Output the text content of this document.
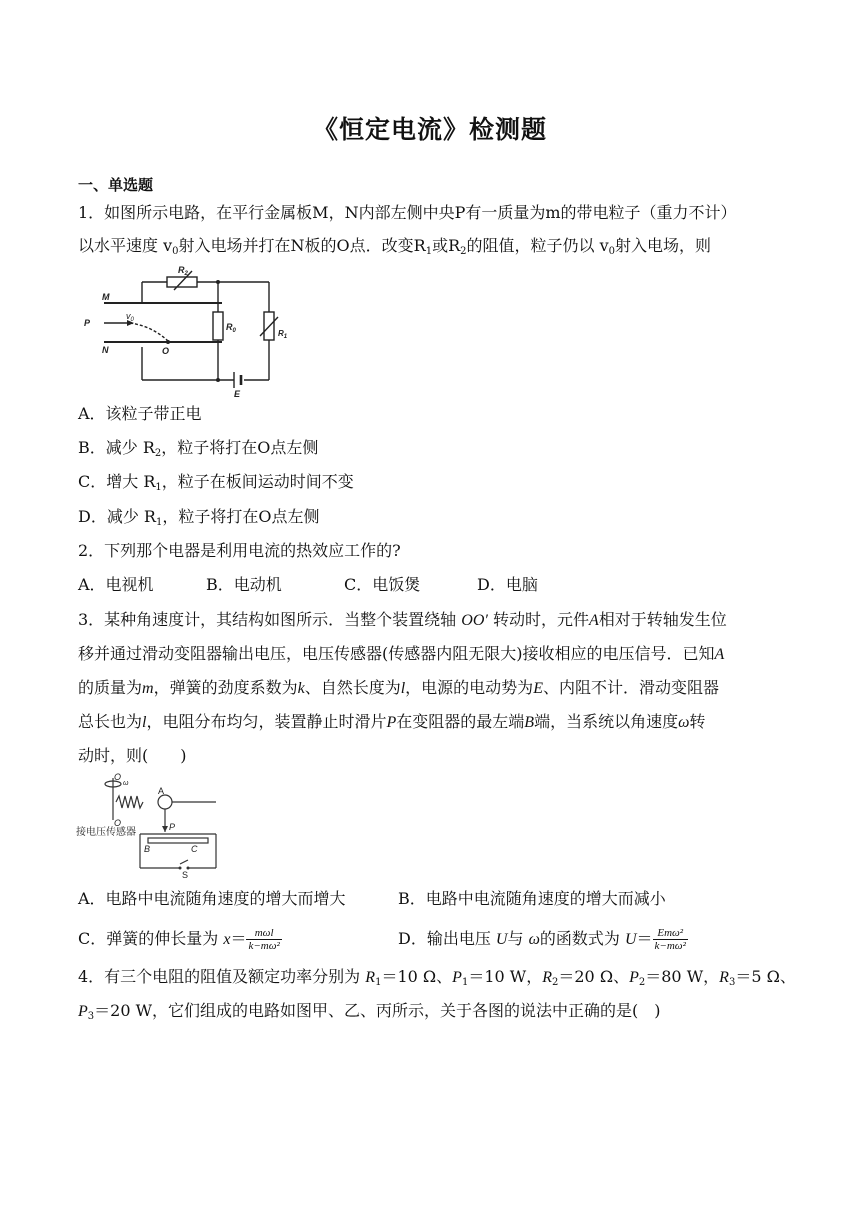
《恒定电流》检测题
一、单选题
1．如图所示电路，在平行金属板M，N内部左侧中央P有一质量为m的带电粒子（重力不计）
以水平速度 $v_0$射入电场并打在N板的O点．改变$R_1$或$R_2$的阻值，粒子仍以 $v_0$射入电场，则
$R_2$
M
P
$v_0$
N	O
$R_0$	$R_1$
E
A．该粒子带正电
B．减少 $R_2$，粒子将打在O点左侧
C．增大 $R_1$，粒子在板间运动时间不变
D．减少 $R_1$，粒子将打在O点左侧
2．下列那个电器是利用电流的热效应工作的?
A．电视机	B．电动机	C．电饭煲	D．电脑
3．某种角速度计，其结构如图所示．当整个装置绕轴 OO′ 转动时，元件A相对于转轴发生位
移并通过滑动变阻器输出电压，电压传感器(传感器内阻无限大)接收相应的电压信号．已知A
的质量为m，弹簧的劲度系数为k、自然长度为l，电源的电动势为E、内阻不计．滑动变阻器
总长也为l，电阻分布均匀，装置静止时滑片P在变阻器的最左端B端，当系统以角速度ω转
动时，则(　　)
O
ω
A
O
接电压传感器	P
B	C
S
A．电路中电流随角速度的增大而增大	B．电路中电流随角速度的增大而减小
C．弹簧的伸长量为 $x= \frac{\text{mωl}}{\text{k−mω²}}$	D．输出电压 U与 ω的函数式为 $U= \frac{\text{Emω²}}{\text{k−mω²}}$
4．有三个电阻的阻值及额定功率分别为 $R_1=10$ Ω、$P_1=10$ W，$R_2=20$ Ω、$P_2=80$ W，$R_3=5$ Ω、
$P_3=20$ W，它们组成的电路如图甲、乙、丙所示，关于各图的说法中正确的是(　)
